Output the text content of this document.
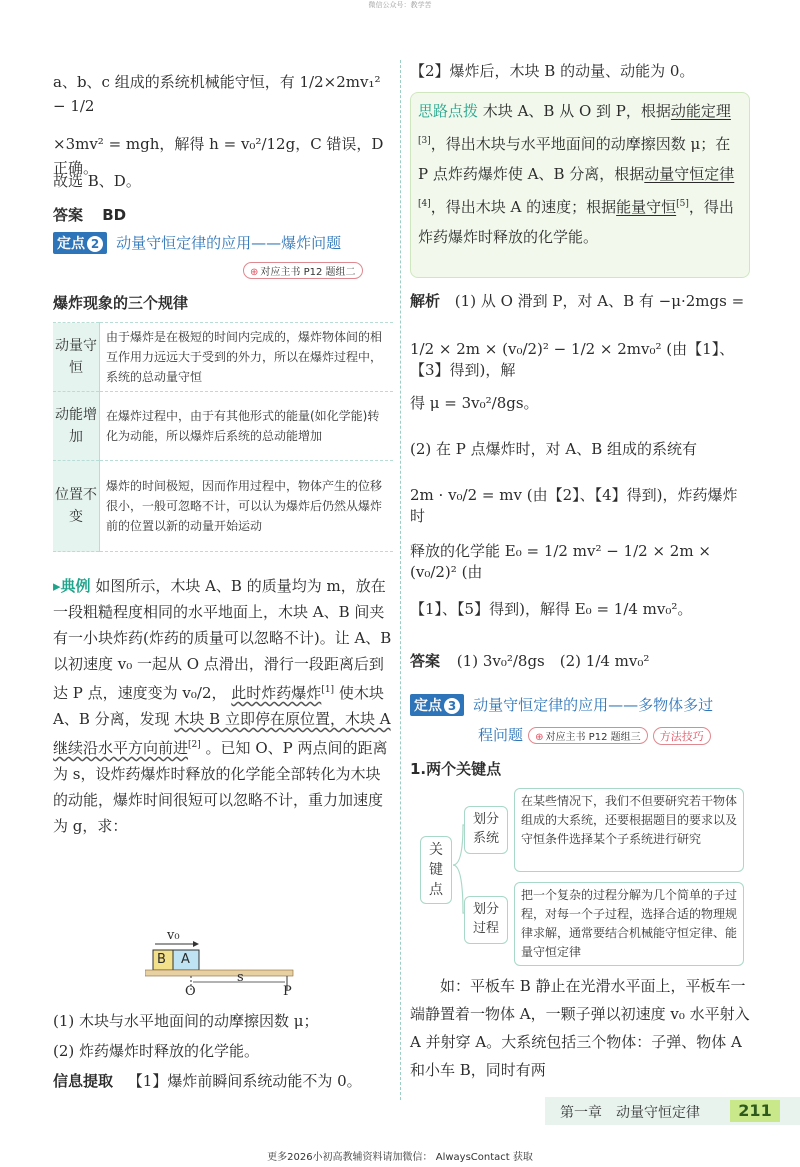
微信公众号：教学苦
a、b、c 组成的系统机械能守恒，有 1/2×2mv₁² − 1/2
×3mv² = mgh，解得 h = v₀²/12g，C 错误，D 正确。
故选 B、D。
答案 BD
定点 2 动量守恒定律的应用——爆炸问题
⊕ 对应主书 P12 题组二
爆炸现象的三个规律
动量守恒	由于爆炸是在极短的时间内完成的，爆炸物体间的相互作用力远远大于受到的外力，所以在爆炸过程中，系统的总动量守恒
动能增加	在爆炸过程中，由于有其他形式的能量(如化学能)转化为动能，所以爆炸后系统的总动能增加
位置不变	爆炸的时间极短，因而作用过程中，物体产生的位移很小，一般可忽略不计，可以认为爆炸后仍然从爆炸前的位置以新的动量开始运动
▸典例 如图所示，木块 A、B 的质量均为 m，放在一段粗糙程度相同的水平地面上，木块 A、B 间夹有一小块炸药(炸药的质量可以忽略不计)。让 A、B 以初速度 v₀ 一起从 O 点滑出，滑行一段距离后到达 P 点，速度变为 v₀/2， 此时炸药爆炸[1] 使木块 A、B 分离，发现 木块 B 立即停在原位置，木块 A 继续沿水平方向前进[2] 。已知 O、P 两点间的距离为 s，设炸药爆炸时释放的化学能全部转化为木块的动能，爆炸时间很短可以忽略不计，重力加速度为 g，求：
v₀
B A
O
s
P
(1) 木块与水平地面间的动摩擦因数 μ；
(2) 炸药爆炸时释放的化学能。
信息提取 【1】爆炸前瞬间系统动能不为 0。
【2】爆炸后，木块 B 的动量、动能为 0。
思路点拨 木块 A、B 从 O 到 P，根据动能定理[3]，得出木块与水平地面间的动摩擦因数 μ；在 P 点炸药爆炸使 A、B 分离，根据动量守恒定律[4]，得出木块 A 的速度；根据能量守恒[5]，得出炸药爆炸时释放的化学能。
解析 (1) 从 O 滑到 P，对 A、B 有 −μ·2mgs =
1/2 × 2m × (v₀/2)² − 1/2 × 2mv₀² (由【1】、【3】得到)，解
得 μ = 3v₀²/8gs。
(2) 在 P 点爆炸时，对 A、B 组成的系统有
2m · v₀/2 = mv (由【2】、【4】得到)，炸药爆炸时
释放的化学能 E₀ = 1/2 mv² − 1/2 × 2m × (v₀/2)² (由
【1】、【5】得到)，解得 E₀ = 1/4 mv₀²。
答案 (1) 3v₀²/8gs　(2) 1/4 mv₀²
定点 3 动量守恒定律的应用——多物体多过
程问题 ⊕ 对应主书 P12 题组三 方法技巧
1.两个关键点
关键点
划分系统
在某些情况下，我们不但要研究若干物体组成的大系统，还要根据题目的要求以及守恒条件选择某个子系统进行研究
划分过程
把一个复杂的过程分解为几个简单的子过程，对每一个子过程，选择合适的物理规律求解，通常要结合机械能守恒定律、能量守恒定律
如：平板车 B 静止在光滑水平面上，平板车一端静置着一物体 A，一颗子弹以初速度 v₀ 水平射入 A 并射穿 A。大系统包括三个物体：子弹、物体 A 和小车 B，同时有两
第一章　动量守恒定律	211
更多2026小初高教辅资料请加微信： AlwaysContact 获取
